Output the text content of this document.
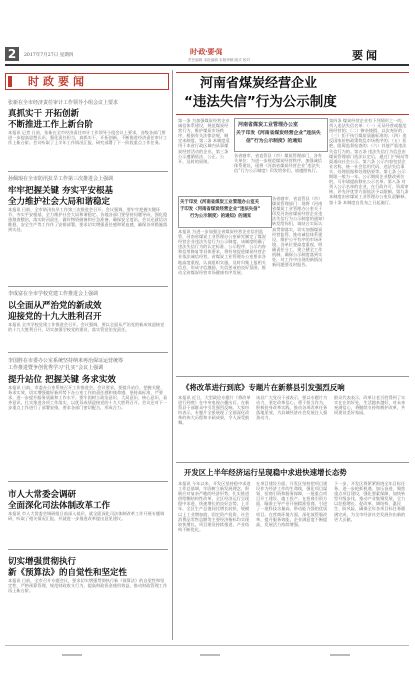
2	2017年7月27日 星期四	时·政·要·闻
责任编辑 本报编辑 本版审稿 版式 校对	要闻
时政要闻
张新在全市经济责任审计工作领导小组会议上要求
真抓实干 开拓创新
不断推进工作上新台阶
本报讯 记者 日前，张新在全市经济责任审计工作领导小组会议上要求，各级各部门要进一步提高思想认识，强化责任担当，真抓实干，开拓创新，不断推进经济责任审计工作上新台阶。会议听取了上半年工作情况汇报，研究部署了下一阶段重点工作任务。
孙佩琅在全市防汛抗旱工作第三次推进会上强调
牢牢把握关键 夯实平安根基
全力维护社会大局和谐稳定
本报讯 日前，全市防汛抗旱工作第三次推进会召开。会议强调，要牢牢把握关键环节，夯实平安根基，全力维护社会大局和谐稳定。各地各部门要坚持问题导向，强化隐患排查整治，落实防汛责任，做好物资储备和应急准备，确保安全度汛。会议还就信访维稳、安全生产等工作作了安排部署，要求切实增强责任感和紧迫感，确保各项措施落到实处。
李成富在全市学校党建工作推进会上强调
以全面从严治党的新成效
迎接党的十九大胜利召开
本报讯 全市学校党建工作推进会召开。会议强调，要以全面从严治党的新成效迎接党的十九大胜利召开，切实加强学校党的建设，落实管党治党责任。
李国胜在市委办公室系统坚持纳米再治保证运营统筹
工作推进暨争创优秀学习“扎实”会议上强调
提升站位 把握关键 务求实效
本报讯 日前，市委办公室系统召开工作推进会。会议要求，要提升站位、把握关键、务求实效，切实增强做好新形势下办公室工作的责任感和使命感，坚持高标准、严要求，进一步提升服务质量和工作水平。要牢固树立政治意识、大局意识、核心意识、看齐意识，扎实推进各项工作落实，以优异成绩迎接党的十九大胜利召开。会议还对下一步重点工作进行了部署安排，要求各部门密切配合，形成合力。
市人大常委会调研
全面深化司法体制改革工作
本报讯 市人大常委会调研组日前深入基层，就全面深化司法体制改革工作开展专题调研，听取了相关情况汇报，并就进一步推进改革提出意见建议。
切实增强贯彻执行
新《预算法》的自觉性和坚定性
本报讯 日前，全市召开专题会议，要求切实增强贯彻执行新《预算法》的自觉性和坚定性，严格预算管理，规范财政收支行为，提高财政资金使用效益，推动财政管理工作再上新台阶。
河南省煤炭经营企业
“违法失信”行为公示制度
河南省煤炭工业管理办公室
关于印发《河南省煤炭经营企业“违法失
信”行为公示制度》的通知
各省辖市、省直管县（市）煤炭管理部门，各有关单位：为进一步规范煤炭经营秩序，加强诚信体系建设，现将《河南省煤炭经营企业“违法失信”行为公示制度》印发给你们，请遵照执行。
关于印发《河南省煤炭工业管理办公室关
于印发〈河南省煤炭经营企业“违法失信”
行为公示制度〉的通知》的通知
第一条 为加强煤炭经营企业诚信体系建设，规范煤炭经营行为，维护煤炭市场秩序，根据有关法律法规，制定本制度。第二条 本制度适用于本省行政区域内从事煤炭经营活动的企业。第三条 公示遵循依法、公正、公开、及时的原则。
第四条 煤炭经营企业有下列情形之一的，列入违法失信名单：（一）无证经营或超范围经营的；（二）掺杂使假、以次充好的；（三）拒不执行煤炭质量标准的；（四）违反国家价格政策扰乱市场秩序的；（五）拒绝、阻碍监督检查的；（六）其他严重违法失信行为的。第五条 违法失信行为信息由煤炭管理部门依法认定后，通过门户网站等渠道向社会公示。第六条 公示内容包括企业名称、统一社会信用代码、违法失信事实、处理依据和处理结果等。第七条 公示期限一般为一年。公示期间企业整改到位的，可申请提前移出公示名单。第八条 对列入公示名单的企业，在行政许可、资质审核、评先评优等方面依法予以限制。第九条 本制度由省煤炭工业管理办公室负责解释。第十条 本制度自发布之日起施行。
各省辖市、省直管县（市）煤炭管理部门：现将《河南省煤炭工业管理办公室关于印发河南省煤炭经营企业违法失信行为公示制度的通知》转发给你们，请结合实际认真贯彻落实，切实加强煤炭经营监管，推动诚信体系建设，维护公平有序的市场环境。各单位要高度重视，明确责任分工，建立健全工作机制，确保公示制度落到实处，对工作中出现的新情况新问题要及时报告。
本报讯 为进一步加强全省煤炭经营企业信用监管，河南省煤炭工业管理办公室研究制定了煤炭经营企业违法失信行为公示制度。该制度明确了违法失信行为的认定标准、公示程序、公示内容和信用修复等具体要求，将有效促进煤炭经营企业依法诚信经营。省煤炭工业管理办公室要求各地高度重视，认真组织实施，及时归集上报相关信息，形成守信激励、失信惩戒的良好氛围，推动全省煤炭经营市场健康有序发展。
《将改革进行到底》专题片在新蔡县引发强烈反响
本报讯 近日，大型政论专题片《将改革进行到底》在中央电视台播出后，在新蔡县干部群众中引发强烈反响。大家纷纷表示，专题片全景展现了全面深化改革的伟大历程和丰硕成果，令人深受鼓舞。
该县广大党员干部表示，要以专题片为动力，坚定改革信心，勇于担当作为，积极投身改革实践，推动各项改革任务落地见效，为县域经济社会发展注入强劲动力。
群众代表表示，改革让老百姓得到了实实在在的好处，生活越来越好，对未来充满信心，将继续支持和拥护改革，共同建设美好家园。
开发区上半年经济运行呈现稳中求进快速增长态势
本报讯 今年以来，开发区坚持稳中求进工作总基调，牢固树立新发展理念，积极应对复杂严峻的经济形势，扎实推进供给侧结构性改革，全区经济运行呈现稳中求进、快速增长的良好态势。上半年，全区生产总值同比增长较快，规模以上工业增加值、固定资产投资、社会消费品零售总额等主要经济指标均实现较快增长，项目建设持续推进，产业结构不断优化。
在项目建设方面，开发区坚持把项目建设作为经济工作的生命线，强化项目谋划、招商引资和服务保障，一批重点项目开工建设、竣工投产。在招商引资方面，瞄准主导产业开展精准招商，引进了一批科技含量高、带动能力强的优质项目。在营商环境方面，深化放管服改革，提升服务效能，企业满意度不断提高，发展活力持续增强。
下一步，开发区将紧紧围绕全年目标任务，进一步抢抓机遇、加压奋进，聚焦重点项目建设，强化要素保障，加快转型升级步伐，推动产业集聚发展，全力以赴稳增长、促改革、调结构、惠民生、防风险，确保全年各项目标任务圆满完成，为全市经济社会发展作出新的更大贡献。
